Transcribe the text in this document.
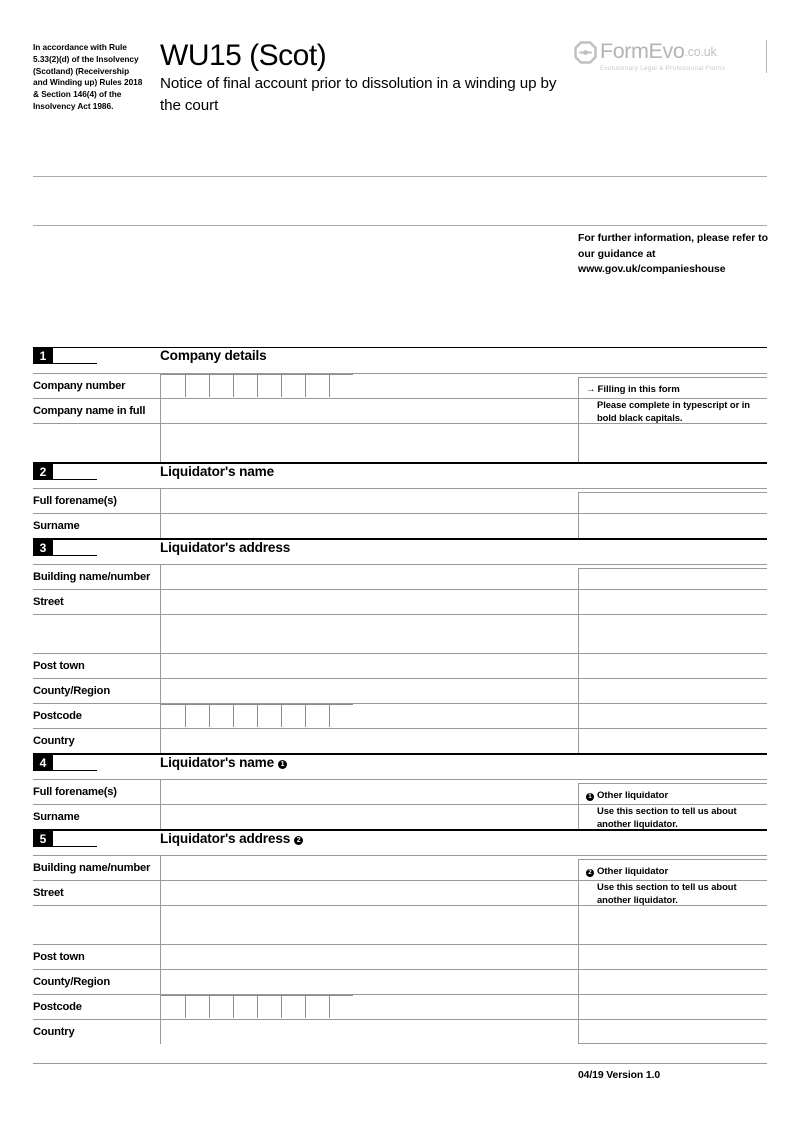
In accordance with Rule 5.33(2)(d) of the Insolvency (Scotland) (Receivership and Winding up) Rules 2018 & Section 146(4) of the Insolvency Act 1986.
WU15 (Scot)
Notice of final account prior to dissolution in a winding up by the court
FormEvo .co.uk
Evolutionary Legal & Professional Forms
For further information, please refer to our guidance at www.gov.uk/companieshouse
1	Company details
Company number
Company name in full
→ Filling in this form
Please complete in typescript or in bold black capitals.
2	Liquidator's name
Full forename(s)
Surname
3	Liquidator's address
Building name/number
Street
Post town
County/Region
Postcode
Country
4	Liquidator's name 1
Full forename(s)
Surname
1 Other liquidator
Use this section to tell us about another liquidator.
5	Liquidator's address 2
Building name/number
Street
Post town
County/Region
Postcode
Country
2 Other liquidator
Use this section to tell us about another liquidator.
04/19 Version 1.0
